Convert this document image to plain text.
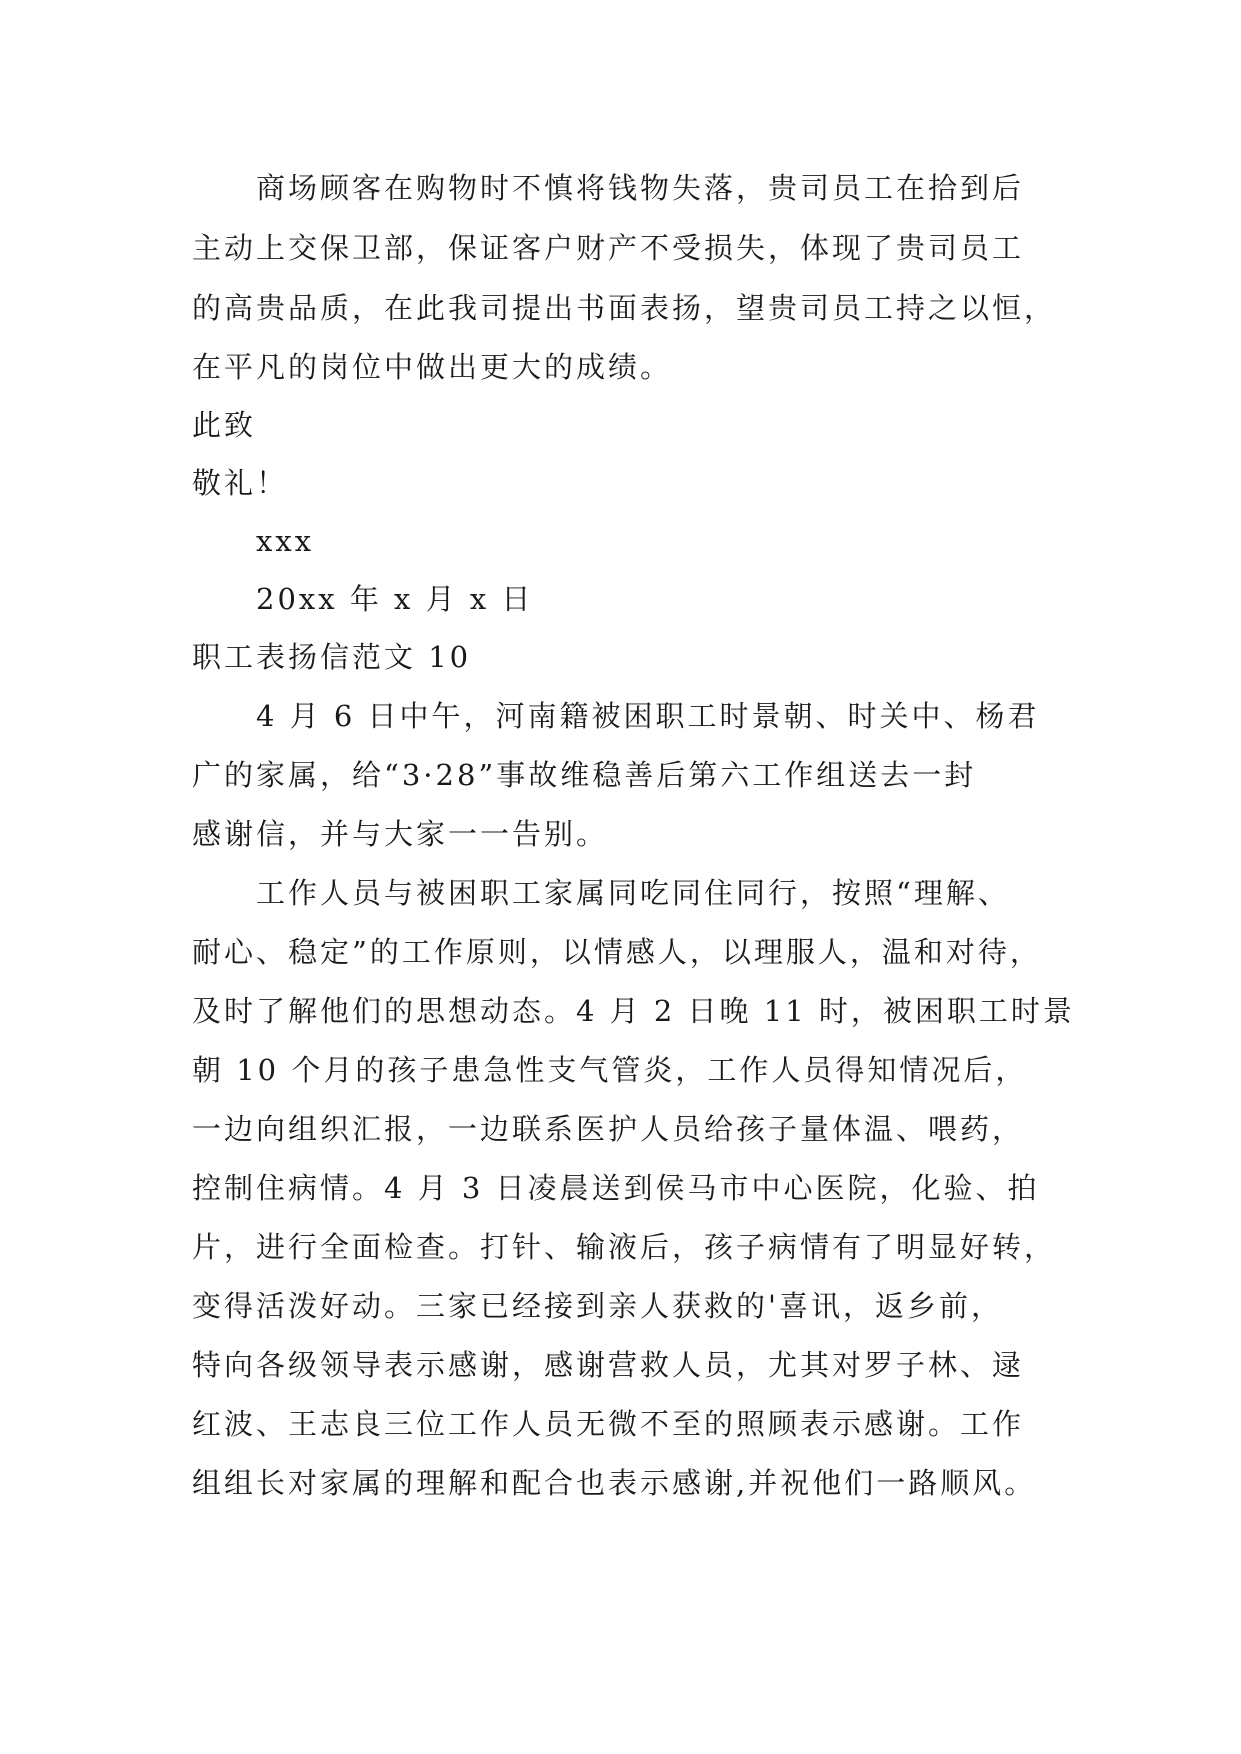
商场顾客在购物时不慎将钱物失落，贵司员工在拾到后

主动上交保卫部，保证客户财产不受损失，体现了贵司员工

的高贵品质，在此我司提出书面表扬，望贵司员工持之以恒，

在平凡的岗位中做出更大的成绩。

此致

敬礼！

xxx

20xx 年 x 月 x 日

职工表扬信范文 10

4 月 6 日中午，河南籍被困职工时景朝、时关中、杨君

广的家属，给“3·28”事故维稳善后第六工作组送去一封

感谢信，并与大家一一告别。

工作人员与被困职工家属同吃同住同行，按照“理解、

耐心、稳定”的工作原则，以情感人，以理服人，温和对待，

及时了解他们的思想动态。4 月 2 日晚 11 时，被困职工时景

朝 10 个月的孩子患急性支气管炎，工作人员得知情况后，

一边向组织汇报，一边联系医护人员给孩子量体温、喂药，

控制住病情。4 月 3 日凌晨送到侯马市中心医院，化验、拍

片，进行全面检查。打针、输液后，孩子病情有了明显好转，

变得活泼好动。三家已经接到亲人获救的'喜讯，返乡前，

特向各级领导表示感谢，感谢营救人员，尤其对罗子林、逯

红波、王志良三位工作人员无微不至的照顾表示感谢。工作

组组长对家属的理解和配合也表示感谢,并祝他们一路顺风。
